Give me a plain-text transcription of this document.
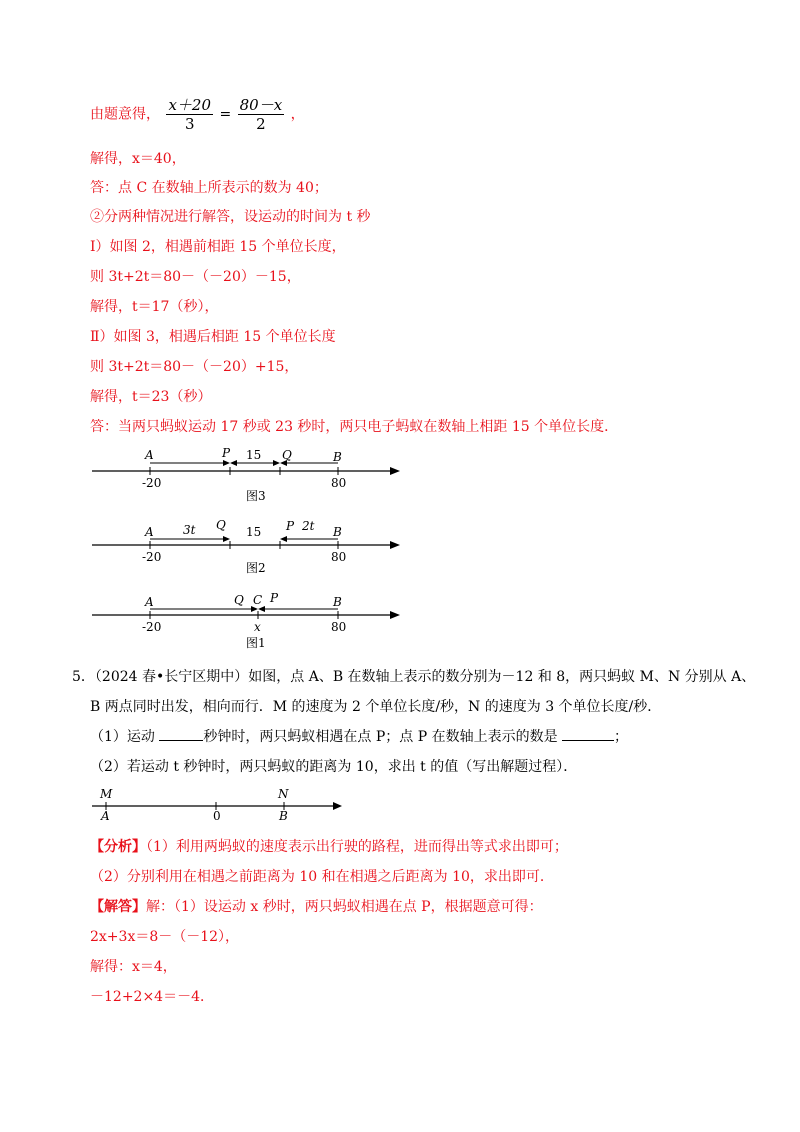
由题意得， $\frac{x+20}{3} = \frac{80-x}{2}$ ，
解得，x＝40，
答：点 C 在数轴上所表示的数为 40；
②分两种情况进行解答，设运动的时间为 t 秒
Ⅰ）如图 2，相遇前相距 15 个单位长度，
则 3t+2t＝80－（－20）－15，
解得，t＝17（秒），
Ⅱ）如图 3，相遇后相距 15 个单位长度
则 3t+2t＝80－（－20）+15，
解得，t＝23（秒）
答：当两只蚂蚁运动 17 秒或 23 秒时，两只电子蚂蚁在数轴上相距 15 个单位长度．
A	P 15 Q	B
-20	80
图3
A 3t Q 15 P 2t B
-20	80
图2
A	Q C P	B
-20	x	80
图1
5．（2024 春•长宁区期中）如图，点 A、B 在数轴上表示的数分别为－12 和 8，两只蚂蚁 M、N 分别从 A、
B 两点同时出发，相向而行．M 的速度为 2 个单位长度/秒，N 的速度为 3 个单位长度/秒．
（1）运动	秒钟时，两只蚂蚁相遇在点 P；点 P 在数轴上表示的数是	；
（2）若运动 t 秒钟时，两只蚂蚁的距离为 10，求出 t 的值（写出解题过程）．
M
A	0
N
B
【分析】（1）利用两蚂蚁的速度表示出行驶的路程，进而得出等式求出即可；
（2）分别利用在相遇之前距离为 10 和在相遇之后距离为 10，求出即可．
【解答】解：（1）设运动 x 秒时，两只蚂蚁相遇在点 P，根据题意可得：
2x+3x＝8－（－12），
解得：x＝4，
－12+2×4＝－4．
